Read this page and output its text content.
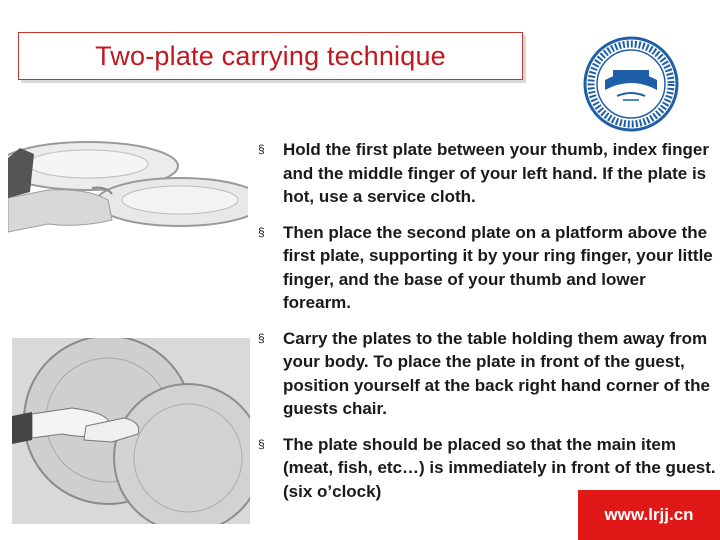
Two-plate carrying technique
§ Hold the first plate between your thumb, index finger and the middle finger of your left hand. If the plate is hot, use a service cloth.
§ Then place the second plate on a platform above the first plate, supporting it by your ring finger, your little finger, and the base of your thumb and lower forearm.
§ Carry the plates to the table holding them away from your body. To place the plate in front of the guest, position yourself at the back right hand corner of the guests chair.
§ The plate should be placed so that the main item (meat, fish, etc…) is immediately in front of the guest. (six o’clock)
www.lrjj.cn
